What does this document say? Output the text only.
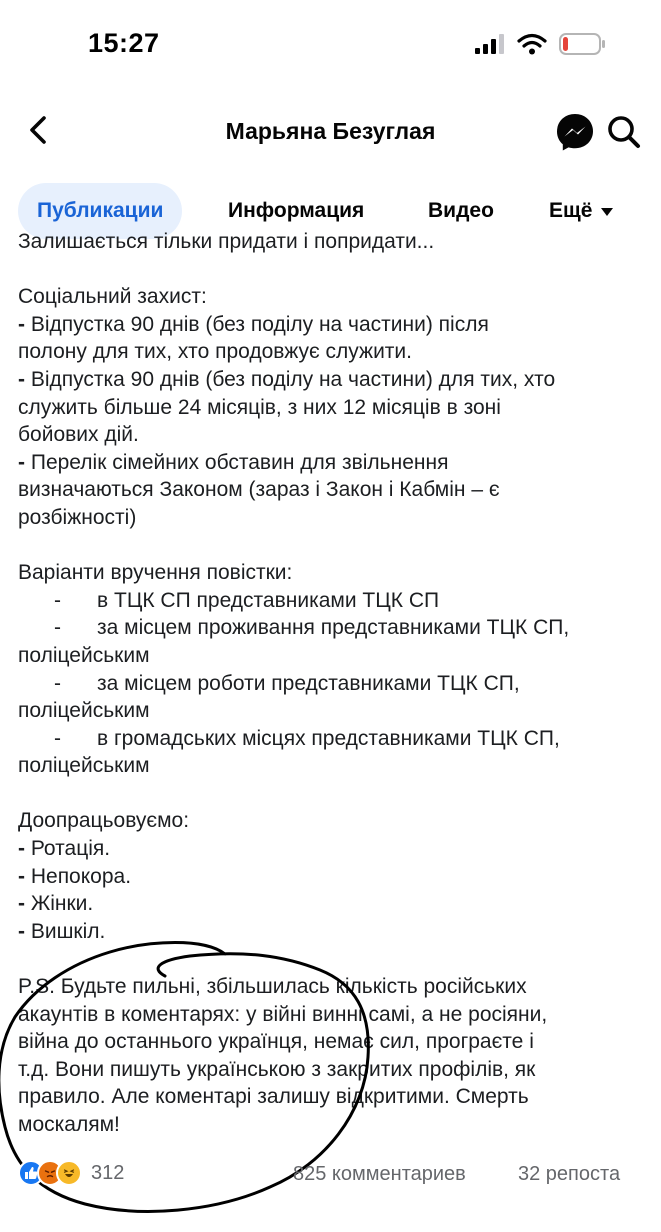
15:27
Марьяна Безуглая
Публикации	Информация	Видео	Ещё
Залишається тільки придати і попридати...
Соціальний захист:
- Відпустка 90 днів (без поділу на частини) після
полону для тих, хто продовжує служити.
- Відпустка 90 днів (без поділу на частини) для тих, хто
служить більше 24 місяців, з них 12 місяців в зоні
бойових дій.
- Перелік сімейних обставин для звільнення
визначаються Законом (зараз і Закон і Кабмін – є
розбіжності)
Варіанти вручення повістки:
- в ТЦК СП представниками ТЦК СП
- за місцем проживання представниками ТЦК СП,
поліцейським
- за місцем роботи представниками ТЦК СП,
поліцейським
- в громадських місцях представниками ТЦК СП,
поліцейським
Доопрацьовуємо:
- Ротація.
- Непокора.
- Жінки.
- Вишкіл.
P.S. Будьте пильні, збільшилась кількість російських
акаунтів в коментарях: у війні винні самі, а не росіяни,
війна до останнього українця, немає сил, програєте і
т.д. Вони пишуть українською з закритих профілів, як
правило. Але коментарі залишу відкритими. Смерть
москалям!
312	825 комментариев	32 репоста
